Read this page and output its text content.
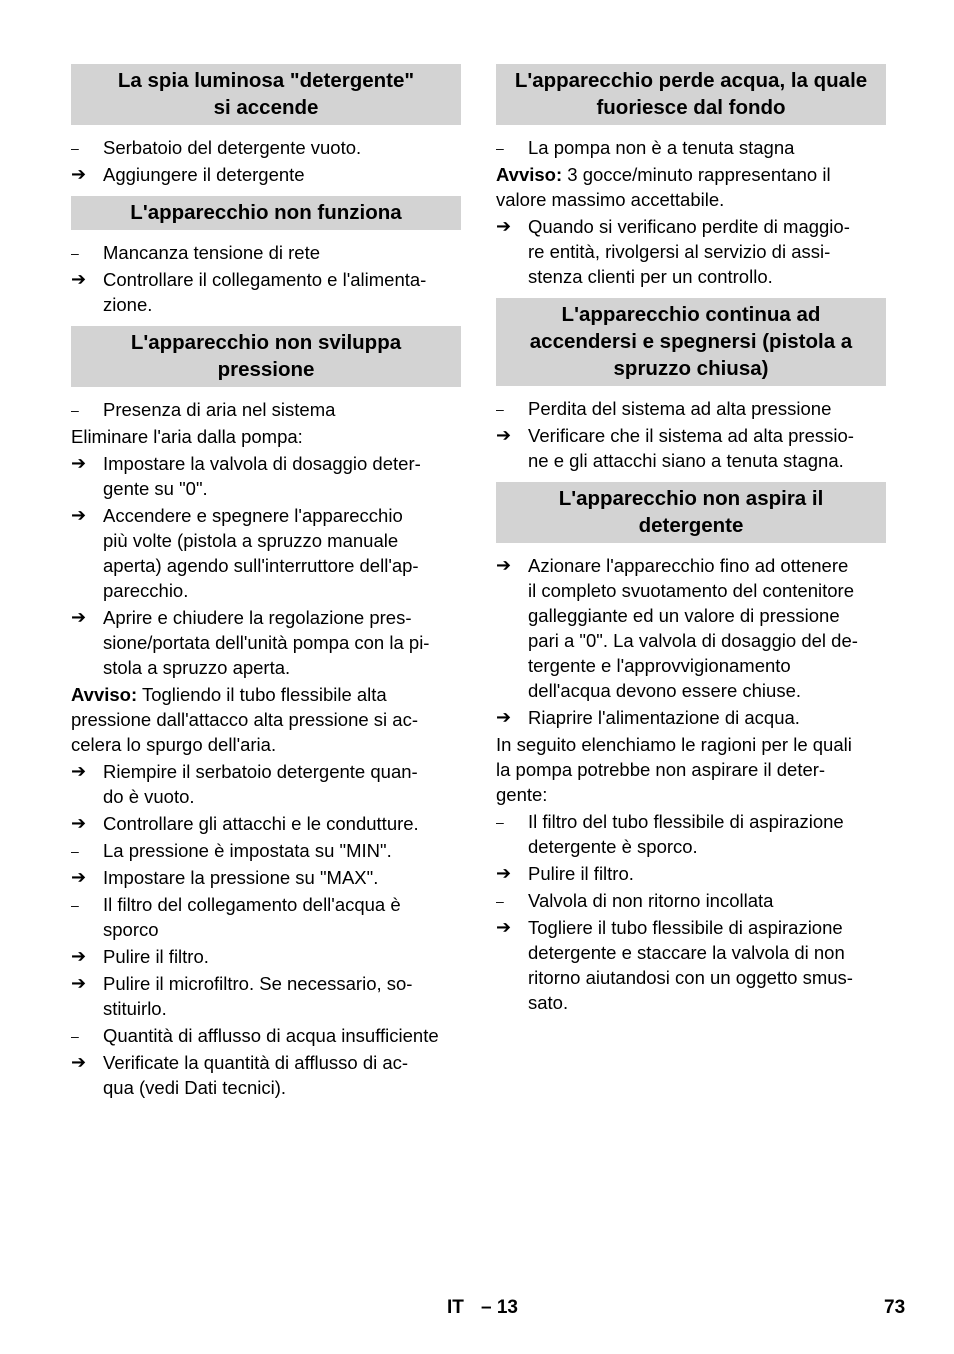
La spia luminosa "detergente"
si accende
–	Serbatoio del detergente vuoto.
➔ Aggiungere il detergente
L'apparecchio non funziona
–	Mancanza tensione di rete
➔ Controllare il collegamento e l'alimenta-
zione.
L'apparecchio non sviluppa
pressione
–	Presenza di aria nel sistema
Eliminare l'aria dalla pompa:
➔ Impostare la valvola di dosaggio deter-
gente su "0".
➔ Accendere e spegnere l'apparecchio
più volte (pistola a spruzzo manuale
aperta) agendo sull'interruttore dell'ap-
parecchio.
➔ Aprire e chiudere la regolazione pres-
sione/portata dell'unità pompa con la pi-
stola a spruzzo aperta.
Avviso: Togliendo il tubo flessibile alta
pressione dall'attacco alta pressione si ac-
celera lo spurgo dell'aria.
➔ Riempire il serbatoio detergente quan-
do è vuoto.
➔ Controllare gli attacchi e le condutture.
–	La pressione è impostata su "MIN".
➔ Impostare la pressione su "MAX".
–	Il filtro del collegamento dell'acqua è
sporco
➔ Pulire il filtro.
➔ Pulire il microfiltro. Se necessario, so-
stituirlo.
–	Quantità di afflusso di acqua insufficiente
➔ Verificate la quantità di afflusso di ac-
qua (vedi Dati tecnici).
L'apparecchio perde acqua, la quale
fuoriesce dal fondo
–	La pompa non è a tenuta stagna
Avviso: 3 gocce/minuto rappresentano il
valore massimo accettabile.
➔ Quando si verificano perdite di maggio-
re entità, rivolgersi al servizio di assi-
stenza clienti per un controllo.
L'apparecchio continua ad
accendersi e spegnersi (pistola a
spruzzo chiusa)
–	Perdita del sistema ad alta pressione
➔ Verificare che il sistema ad alta pressio-
ne e gli attacchi siano a tenuta stagna.
L'apparecchio non aspira il
detergente
➔ Azionare l'apparecchio fino ad ottenere
il completo svuotamento del contenitore
galleggiante ed un valore di pressione
pari a "0". La valvola di dosaggio del de-
tergente e l'approvvigionamento
dell'acqua devono essere chiuse.
➔ Riaprire l'alimentazione di acqua.
In seguito elenchiamo le ragioni per le quali
la pompa potrebbe non aspirare il deter-
gente:
–	Il filtro del tubo flessibile di aspirazione
detergente è sporco.
➔ Pulire il filtro.
–	Valvola di non ritorno incollata
➔ Togliere il tubo flessibile di aspirazione
detergente e staccare la valvola di non
ritorno aiutandosi con un oggetto smus-
sato.
IT – 13	73
